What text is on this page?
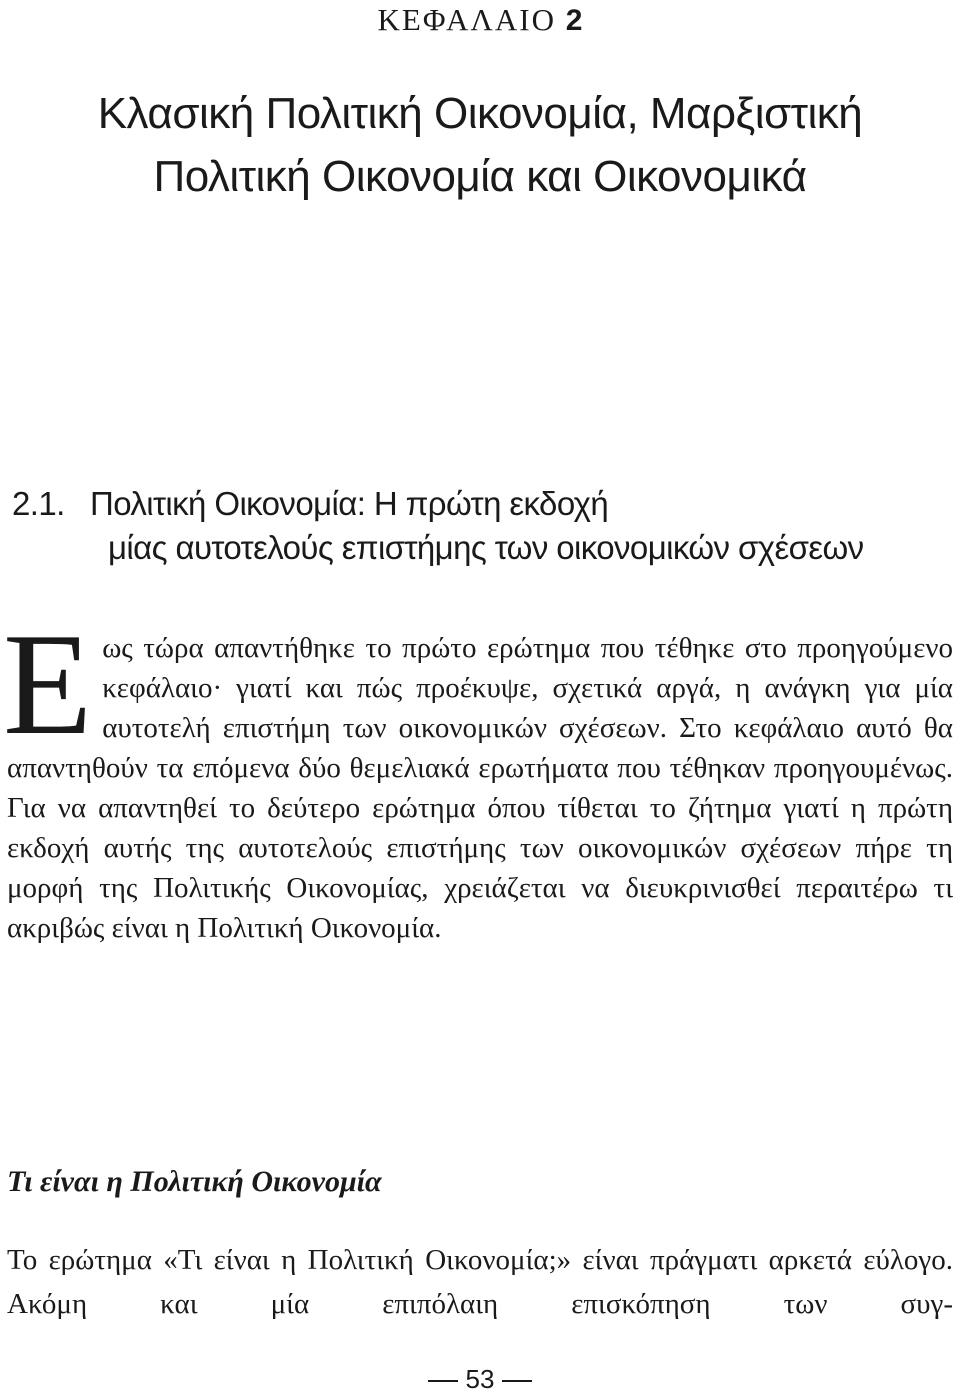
ΚΕΦΑΛΑΙΟ 2
Κλασική Πολιτική Οικονομία, Μαρξιστική
Πολιτική Οικονομία και Οικονομικά
2.1. Πολιτική Οικονομία: Η πρώτη εκδοχή
μίας αυτοτελούς επιστήμης των οικονομικών σχέσεων
Ε ως τώρα απαντήθηκε το πρώτο ερώτημα που τέθηκε στο προηγούμενο κεφάλαιο· γιατί και πώς προέκυψε, σχετικά αργά, η ανάγκη για μία αυτοτελή επιστήμη των οικονομικών σχέσεων. Στο κεφάλαιο αυτό θα απαντηθούν τα επόμενα δύο θεμελιακά ερωτήματα που τέθηκαν προηγουμένως. Για να απαντηθεί το δεύτερο ερώτημα όπου τίθεται το ζήτημα γιατί η πρώτη εκδοχή αυτής της αυτοτελούς επιστήμης των οικονομικών σχέσεων πήρε τη μορφή της Πολιτικής Οικονομίας, χρειάζεται να διευκρινισθεί περαιτέρω τι ακριβώς είναι η Πολιτική Οικονομία.

Τι είναι η Πολιτική Οικονομία

Το ερώτημα «Τι είναι η Πολιτική Οικονομία;» είναι πράγματι αρκετά εύλογο. Ακόμη και μία επιπόλαιη επισκόπηση των συγ-

53
